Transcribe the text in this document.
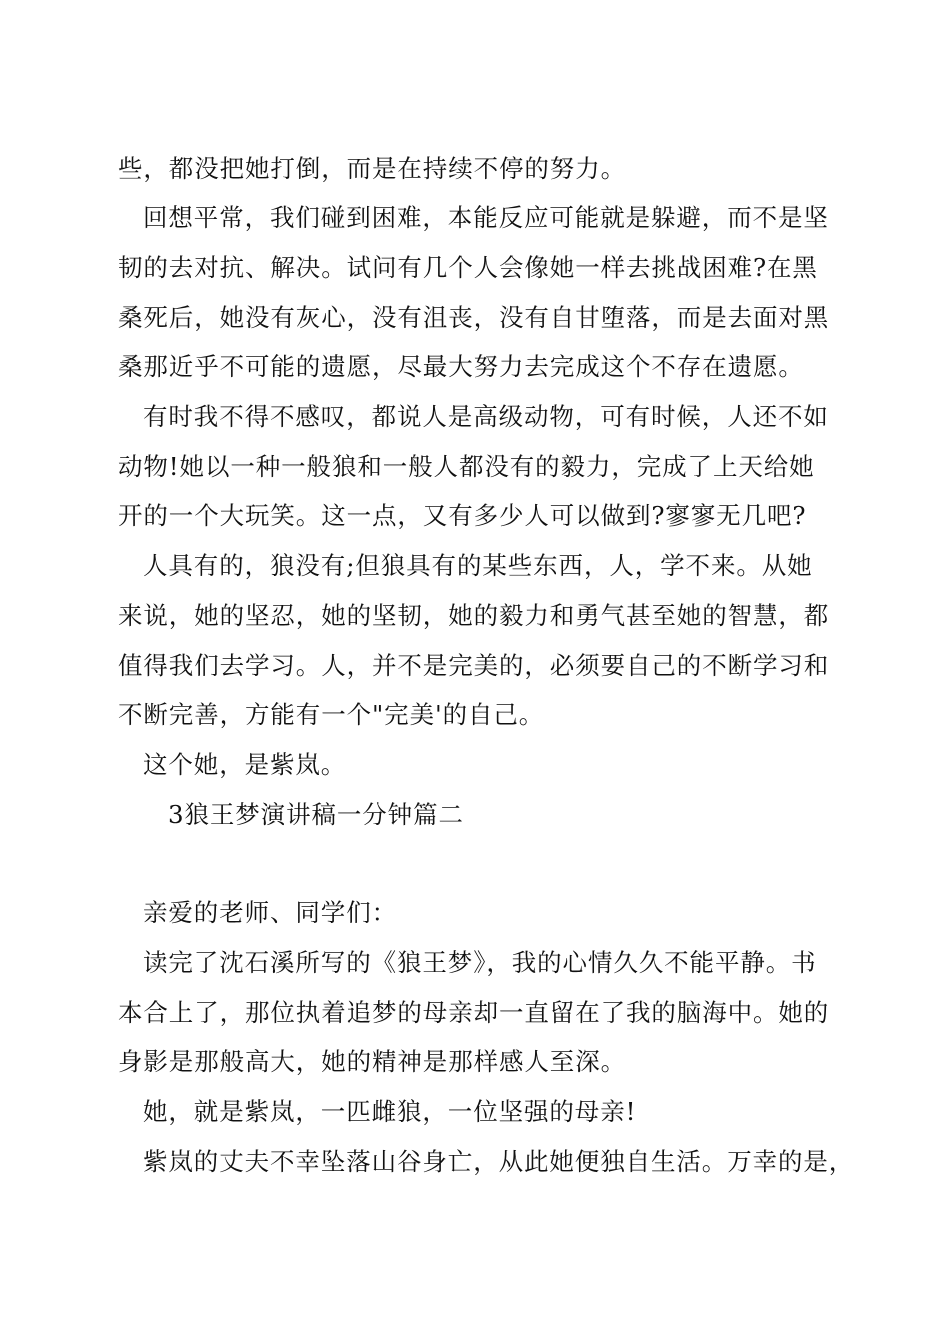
些，都没把她打倒，而是在持续不停的努力。
回想平常，我们碰到困难，本能反应可能就是躲避，而不是坚
韧的去对抗、解决。试问有几个人会像她一样去挑战困难?在黑
桑死后，她没有灰心，没有沮丧，没有自甘堕落，而是去面对黑
桑那近乎不可能的遗愿，尽最大努力去完成这个不存在遗愿。
有时我不得不感叹，都说人是高级动物，可有时候，人还不如
动物!她以一种一般狼和一般人都没有的毅力，完成了上天给她
开的一个大玩笑。这一点，又有多少人可以做到?寥寥无几吧?
人具有的，狼没有;但狼具有的某些东西，人，学不来。从她
来说，她的坚忍，她的坚韧，她的毅力和勇气甚至她的智慧，都
值得我们去学习。人，并不是完美的，必须要自己的不断学习和
不断完善，方能有一个"完美'的自己。
这个她，是紫岚。
3狼王梦演讲稿一分钟篇二
亲爱的老师、同学们：
读完了沈石溪所写的《狼王梦》，我的心情久久不能平静。书
本合上了，那位执着追梦的母亲却一直留在了我的脑海中。她的
身影是那般高大，她的精神是那样感人至深。
她，就是紫岚，一匹雌狼，一位坚强的母亲!
紫岚的丈夫不幸坠落山谷身亡，从此她便独自生活。万幸的是，
